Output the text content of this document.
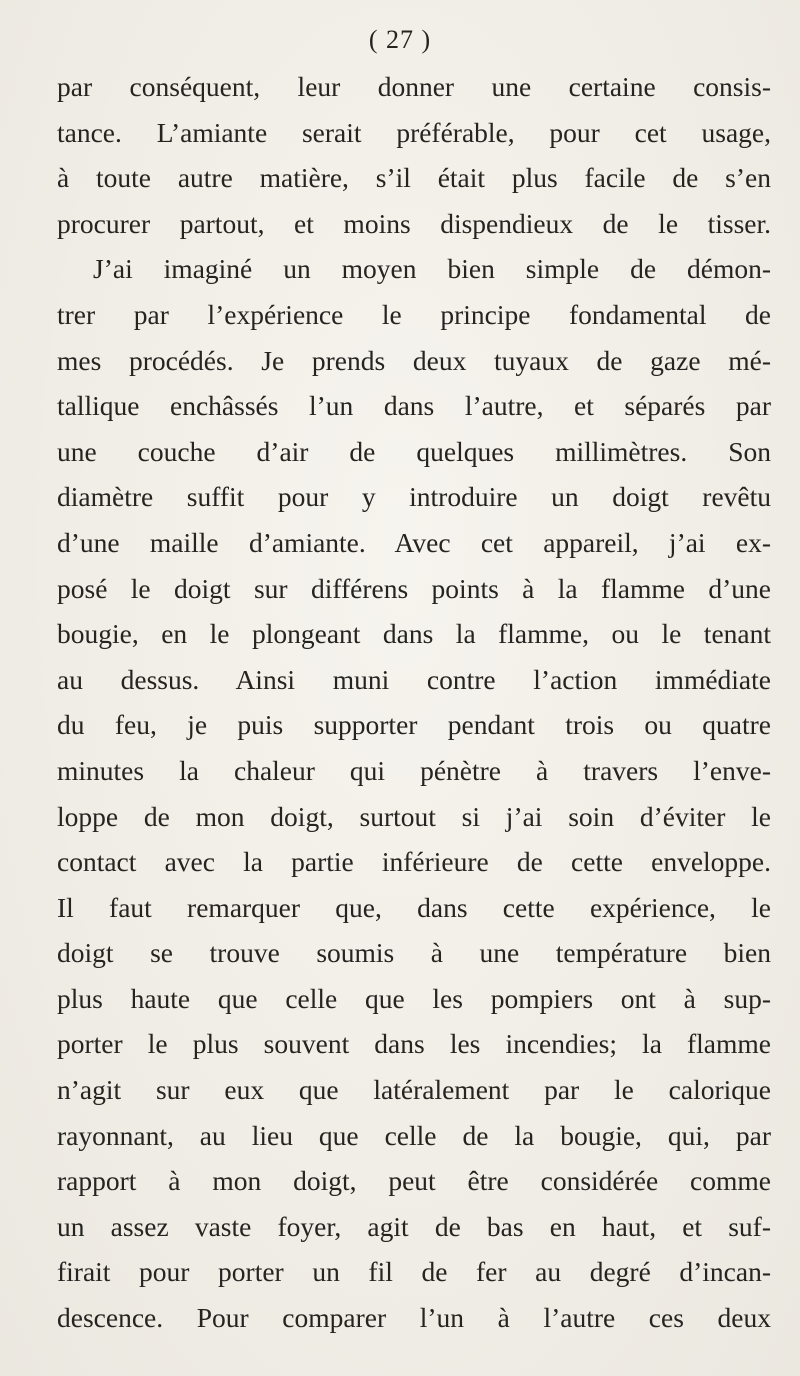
( 27 )
par conséquent, leur donner une certaine consis-
tance. L’amiante serait préférable, pour cet usage,
à toute autre matière, s’il était plus facile de s’en
procurer partout, et moins dispendieux de le tisser.
J’ai imaginé un moyen bien simple de démon-
trer par l’expérience le principe fondamental de
mes procédés. Je prends deux tuyaux de gaze mé-
tallique enchâssés l’un dans l’autre, et séparés par
une couche d’air de quelques millimètres. Son
diamètre suffit pour y introduire un doigt revêtu
d’une maille d’amiante. Avec cet appareil, j’ai ex-
posé le doigt sur différens points à la flamme d’une
bougie, en le plongeant dans la flamme, ou le tenant
au dessus. Ainsi muni contre l’action immédiate
du feu, je puis supporter pendant trois ou quatre
minutes la chaleur qui pénètre à travers l’enve-
loppe de mon doigt, surtout si j’ai soin d’éviter le
contact avec la partie inférieure de cette enveloppe.
Il faut remarquer que, dans cette expérience, le
doigt se trouve soumis à une température bien
plus haute que celle que les pompiers ont à sup-
porter le plus souvent dans les incendies; la flamme
n’agit sur eux que latéralement par le calorique
rayonnant, au lieu que celle de la bougie, qui, par
rapport à mon doigt, peut être considérée comme
un assez vaste foyer, agit de bas en haut, et suf-
firait pour porter un fil de fer au degré d’incan-
descence. Pour comparer l’un à l’autre ces deux
